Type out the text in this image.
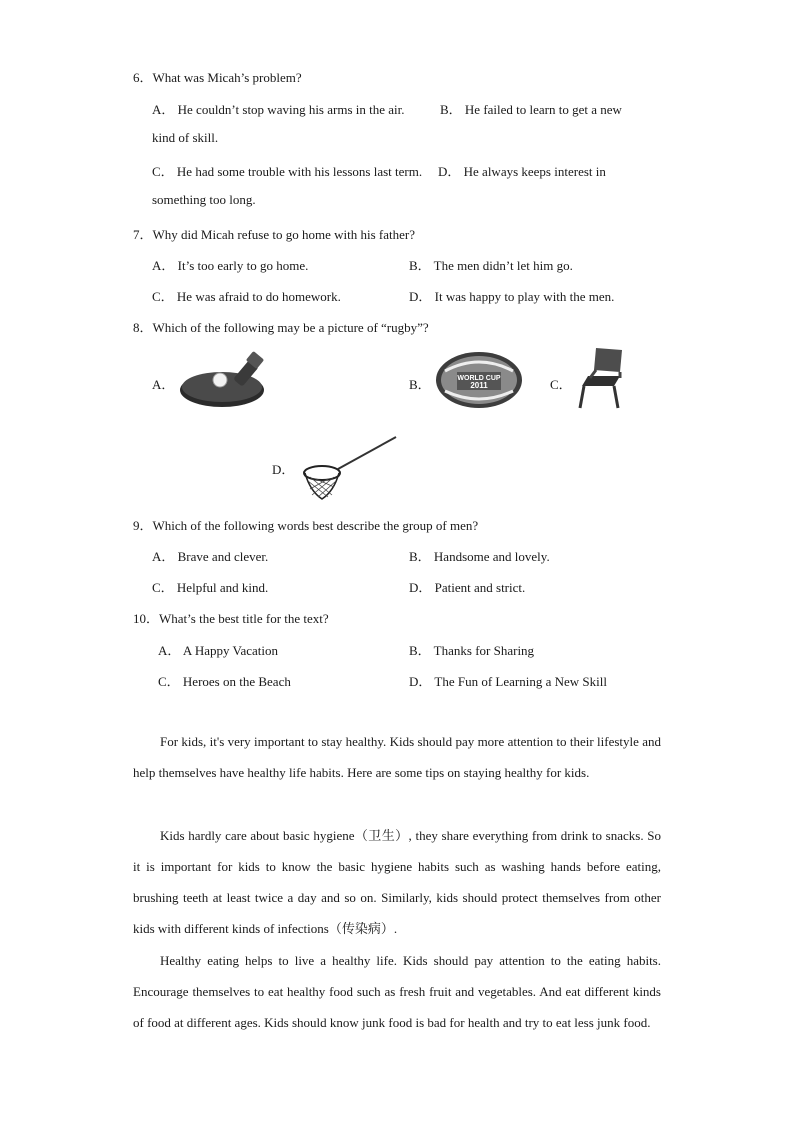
6．What was Micah’s problem?
A． He couldn’t stop waving his arms in the air.	B． He failed to learn to get a new
kind of skill.
C． He had some trouble with his lessons last term. D． He always keeps interest in
something too long.
7．Why did Micah refuse to go home with his father?
A． It’s too early to go home.	B． The men didn’t let him go.
C． He was afraid to do homework.	D． It was happy to play with the men.
8．Which of the following may be a picture of “rugby”?
A．	B．	WORLD CUP
2011	C．
D．
9．Which of the following words best describe the group of men?
A． Brave and clever.	B． Handsome and lovely.
C． Helpful and kind.	D． Patient and strict.
10．What’s the best title for the text?
A． A Happy Vacation	B． Thanks for Sharing
C． Heroes on the Beach	D． The Fun of Learning a New Skill
For kids, it's very important to stay healthy. Kids should pay more attention to their lifestyle and help themselves have healthy life habits. Here are some tips on staying healthy for kids.
Kids hardly care about basic hygiene（卫生）, they share everything from drink to snacks. So it is important for kids to know the basic hygiene habits such as washing hands before eating, brushing teeth at least twice a day and so on. Similarly, kids should protect themselves from other kids with different kinds of infections（传染病）.
Healthy eating helps to live a healthy life. Kids should pay attention to the eating habits. Encourage themselves to eat healthy food such as fresh fruit and vegetables. And eat different kinds of food at different ages. Kids should know junk food is bad for health and try to eat less junk food.
